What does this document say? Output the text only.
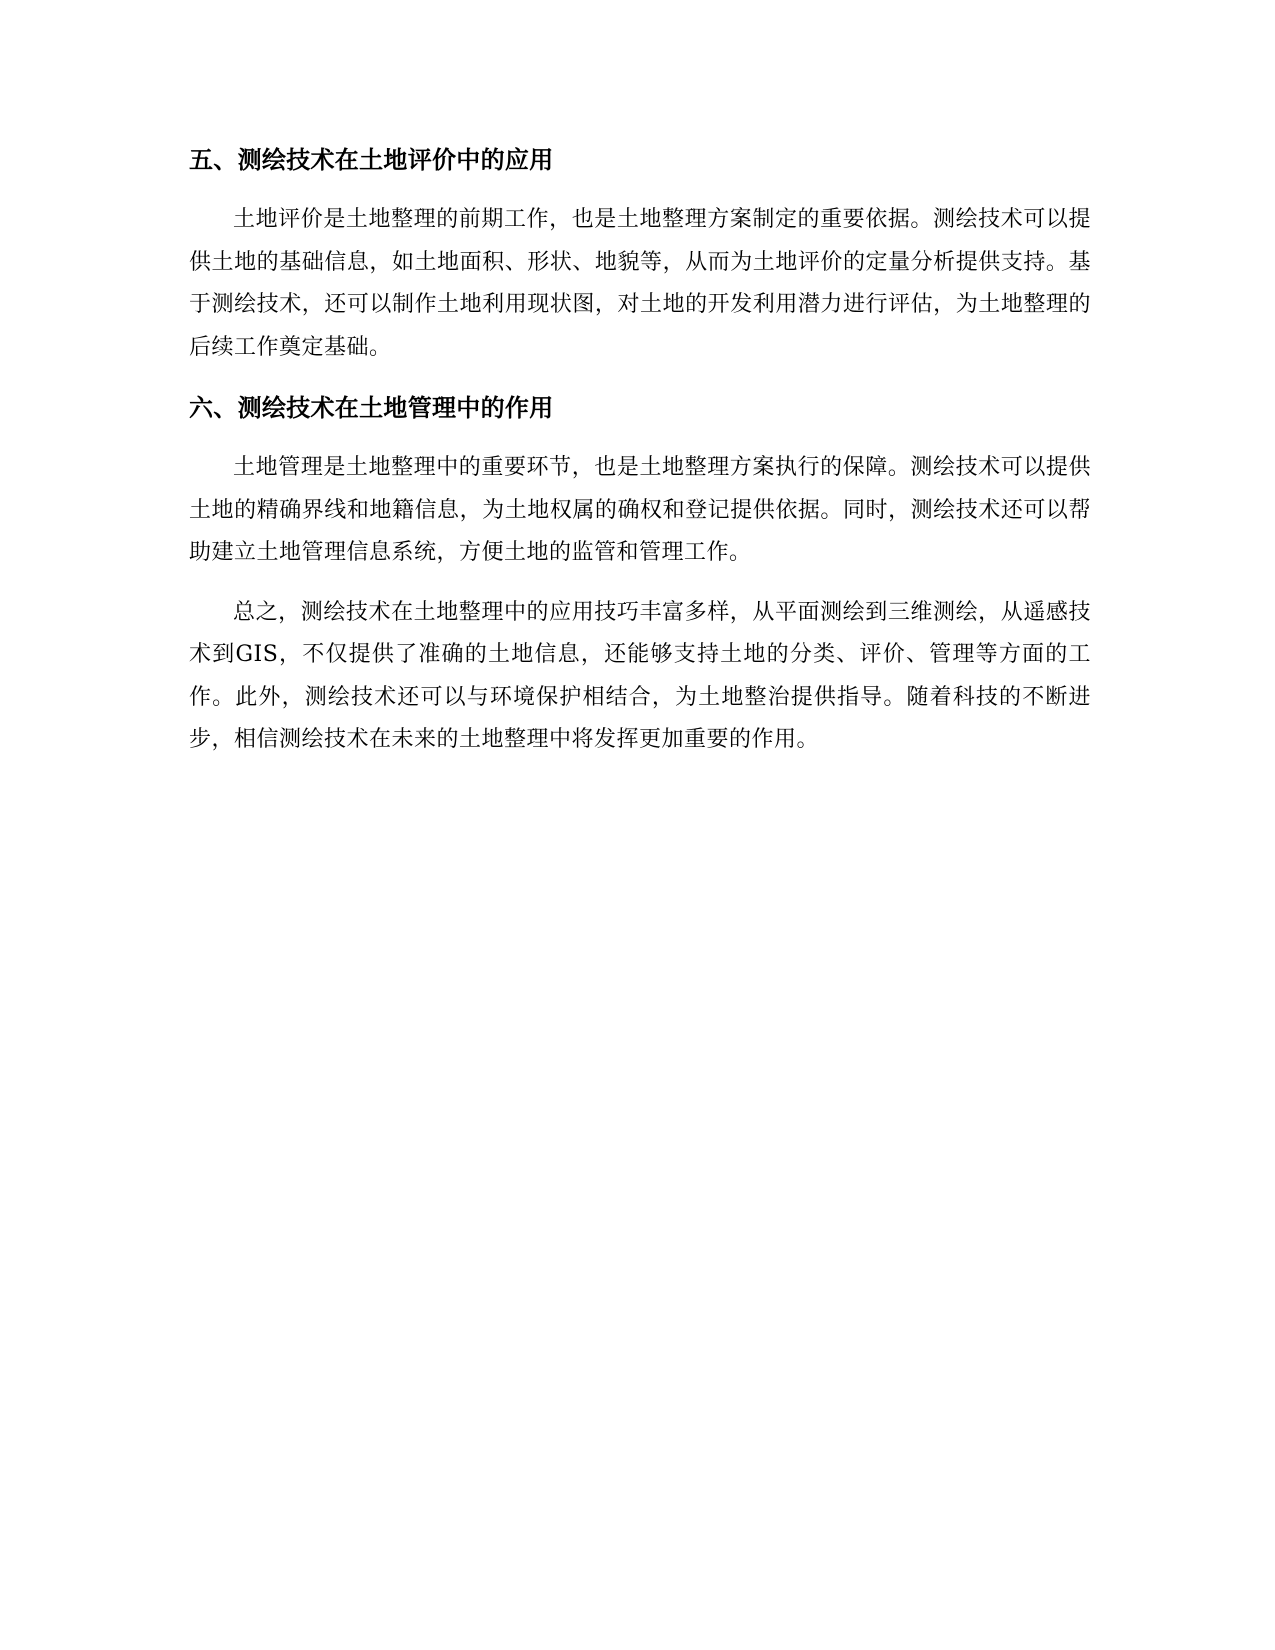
五、测绘技术在土地评价中的应用

土地评价是土地整理的前期工作，也是土地整理方案制定的重要依据。测绘技术可以提供土地的基础信息，如土地面积、形状、地貌等，从而为土地评价的定量分析提供支持。基于测绘技术，还可以制作土地利用现状图，对土地的开发利用潜力进行评估，为土地整理的后续工作奠定基础。

六、测绘技术在土地管理中的作用

土地管理是土地整理中的重要环节，也是土地整理方案执行的保障。测绘技术可以提供土地的精确界线和地籍信息，为土地权属的确权和登记提供依据。同时，测绘技术还可以帮助建立土地管理信息系统，方便土地的监管和管理工作。

总之，测绘技术在土地整理中的应用技巧丰富多样，从平面测绘到三维测绘，从遥感技术到GIS，不仅提供了准确的土地信息，还能够支持土地的分类、评价、管理等方面的工作。此外，测绘技术还可以与环境保护相结合，为土地整治提供指导。随着科技的不断进步，相信测绘技术在未来的土地整理中将发挥更加重要的作用。
